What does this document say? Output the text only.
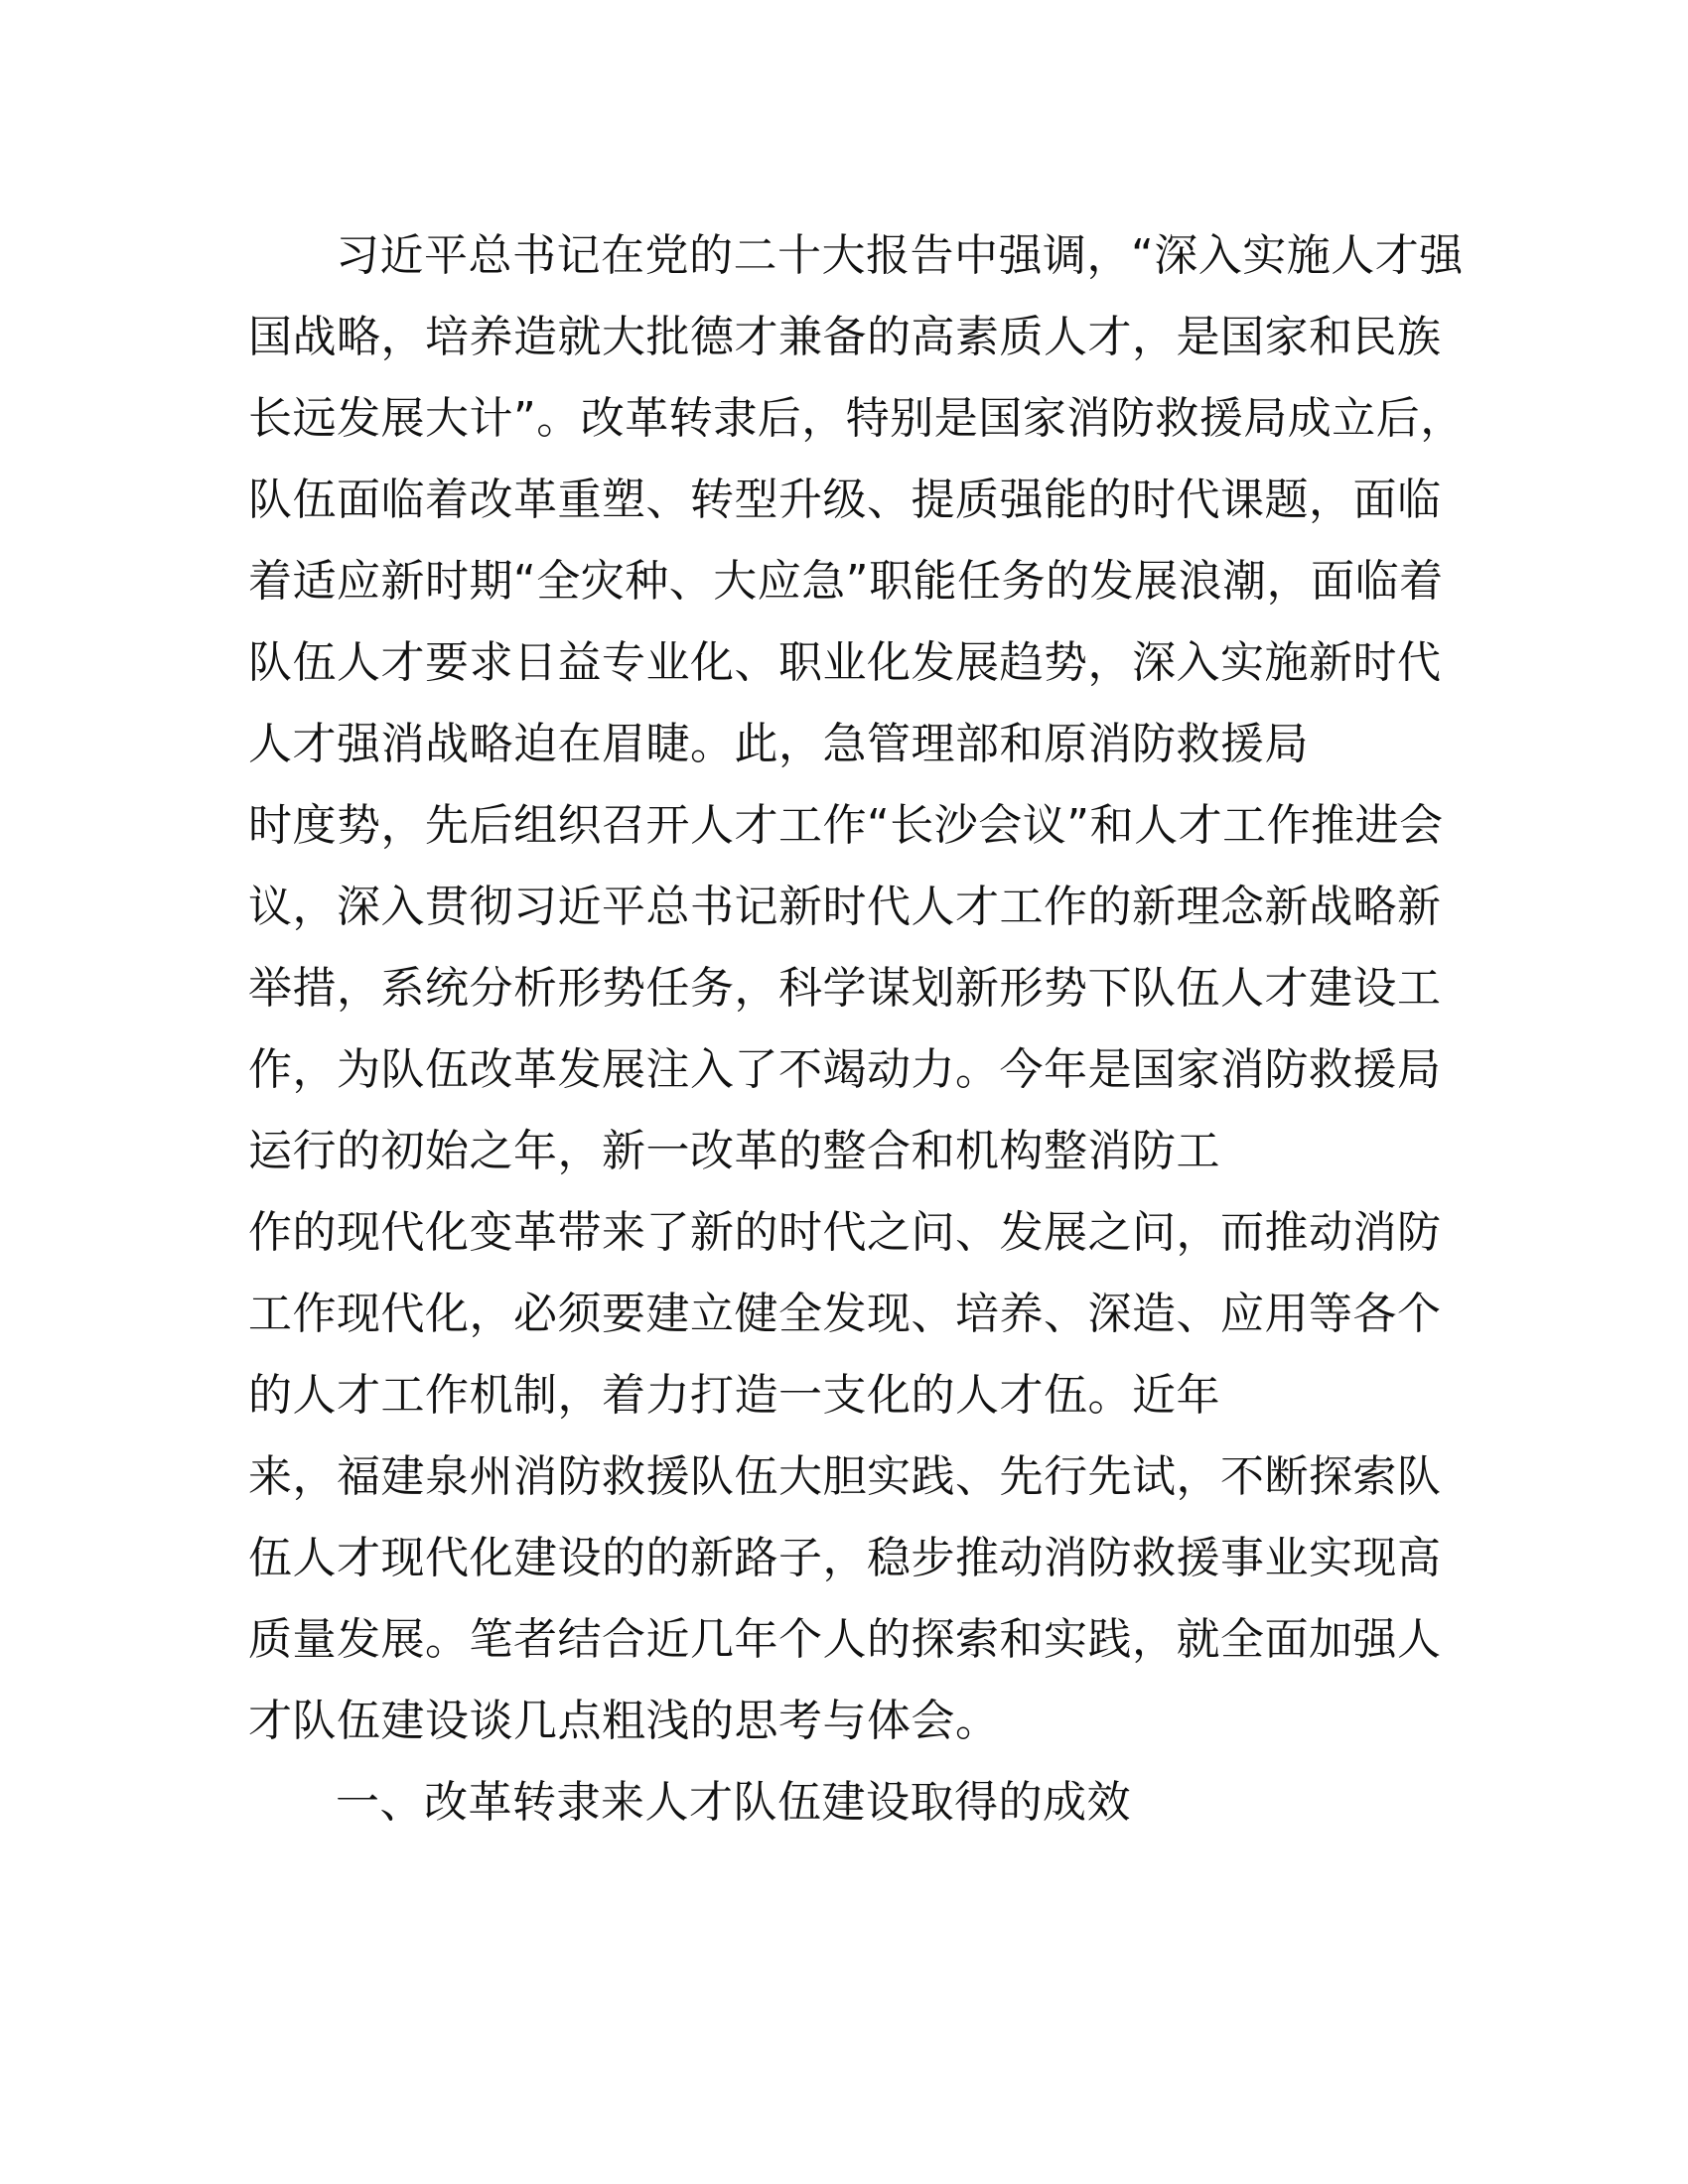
习近平总书记在党的二十大报告中强调，“深入实施人才强
国战略，培养造就大批德才兼备的高素质人才，是国家和民族
长远发展大计”。改革转隶后，特别是国家消防救援局成立后，
队伍面临着改革重塑、转型升级、提质强能的时代课题，面临
着适应新时期“全灾种、大应急”职能任务的发展浪潮，面临着
队伍人才要求日益专业化、职业化发展趋势，深入实施新时代
人才强消战略迫在眉睫。此，急管理部和原消防救援局
时度势，先后组织召开人才工作“长沙会议”和人才工作推进会
议，深入贯彻习近平总书记新时代人才工作的新理念新战略新
举措，系统分析形势任务，科学谋划新形势下队伍人才建设工
作，为队伍改革发展注入了不竭动力。今年是国家消防救援局
运行的初始之年，新一改革的整合和机构整消防工
作的现代化变革带来了新的时代之问、发展之问，而推动消防
工作现代化，必须要建立健全发现、培养、深造、应用等各个
的人才工作机制，着力打造一支化的人才伍。近年
来，福建泉州消防救援队伍大胆实践、先行先试，不断探索队
伍人才现代化建设的的新路子，稳步推动消防救援事业实现高
质量发展。笔者结合近几年个人的探索和实践，就全面加强人
才队伍建设谈几点粗浅的思考与体会。
一、改革转隶来人才队伍建设取得的成效
